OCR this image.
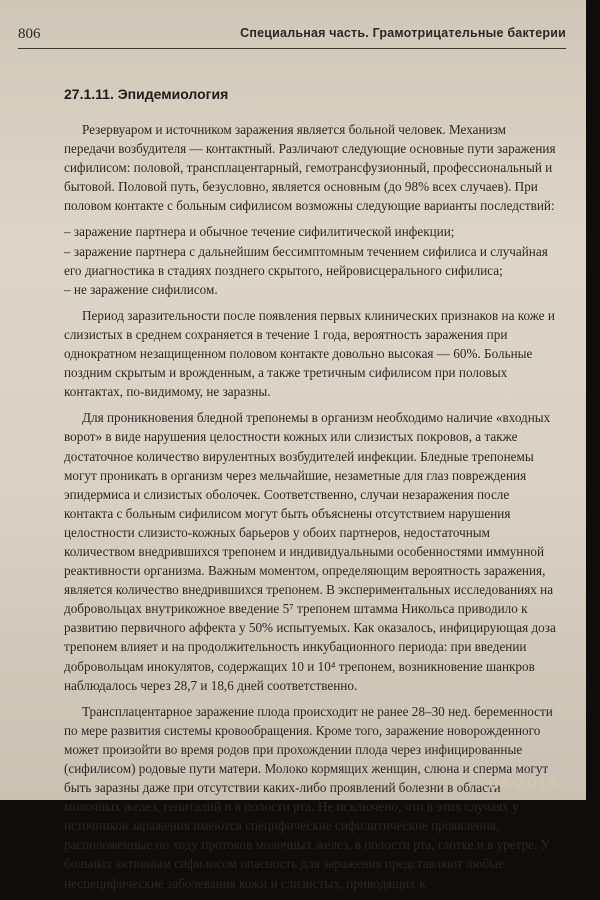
806	Специальная часть. Грамотрицательные бактерии
27.1.11. Эпидемиология

Резервуаром и источником заражения является больной человек. Механизм передачи возбудителя — контактный. Различают следующие основные пути заражения сифилисом: половой, трансплацентарный, гемотрансфузионный, профессиональный и бытовой. Половой путь, безусловно, является основным (до 98% всех случаев). При половом контакте с больным сифилисом возможны следующие варианты последствий:

– заражение партнера и обычное течение сифилитической инфекции;
– заражение партнера с дальнейшим бессимптомным течением сифилиса и случайная его диагностика в стадиях позднего скрытого, нейровисцерального сифилиса;
– не заражение сифилисом.

Период заразительности после появления первых клинических признаков на коже и слизистых в среднем сохраняется в течение 1 года, вероятность заражения при однократном незащищенном половом контакте довольно высокая — 60%. Больные поздним скрытым и врожденным, а также третичным сифилисом при половых контактах, по-видимому, не заразны.

Для проникновения бледной трепонемы в организм необходимо наличие «входных ворот» в виде нарушения целостности кожных или слизистых покровов, а также достаточное количество вирулентных возбудителей инфекции. Бледные трепонемы могут проникать в организм через мельчайшие, незаметные для глаз повреждения эпидермиса и слизистых оболочек. Соответственно, случаи незаражения после контакта с больным сифилисом могут быть объяснены отсутствием нарушения целостности слизисто-кожных барьеров у обоих партнеров, недостаточным количеством внедрившихся трепонем и индивидуальными особенностями иммунной реактивности организма. Важным моментом, определяющим вероятность заражения, является количество внедрившихся трепонем. В экспериментальных исследованиях на добровольцах внутрикожное введение 5⁷ трепонем штамма Никольса приводило к развитию первичного аффекта у 50% испытуемых. Как оказалось, инфицирующая доза трепонем влияет и на продолжительность инкубационного периода: при введении добровольцам инокулятов, содержащих 10 и 10⁴ трепонем, возникновение шанкров наблюдалось через 28,7 и 18,6 дней соответственно.

Трансплацентарное заражение плода происходит не ранее 28–30 нед. беременности по мере развития системы кровообращения. Кроме того, заражение новорожденного может произойти во время родов при прохождении плода через инфицированные (сифилисом) родовые пути матери. Молоко кормящих женщин, слюна и сперма могут быть заразны даже при отсутствии каких-либо проявлений болезни в области молочных желез, гениталий и в полости рта. Не исключено, что в этих случаях у источников заражения имеются специфические сифилитические проявления, расположенные по ходу протоков молочных желез, в полости рта, глотке и в уретре. У больных активным сифилисом опасность для заражения представляют любые неспецифические заболевания кожи и слизистых, приводящих к

04-2018
